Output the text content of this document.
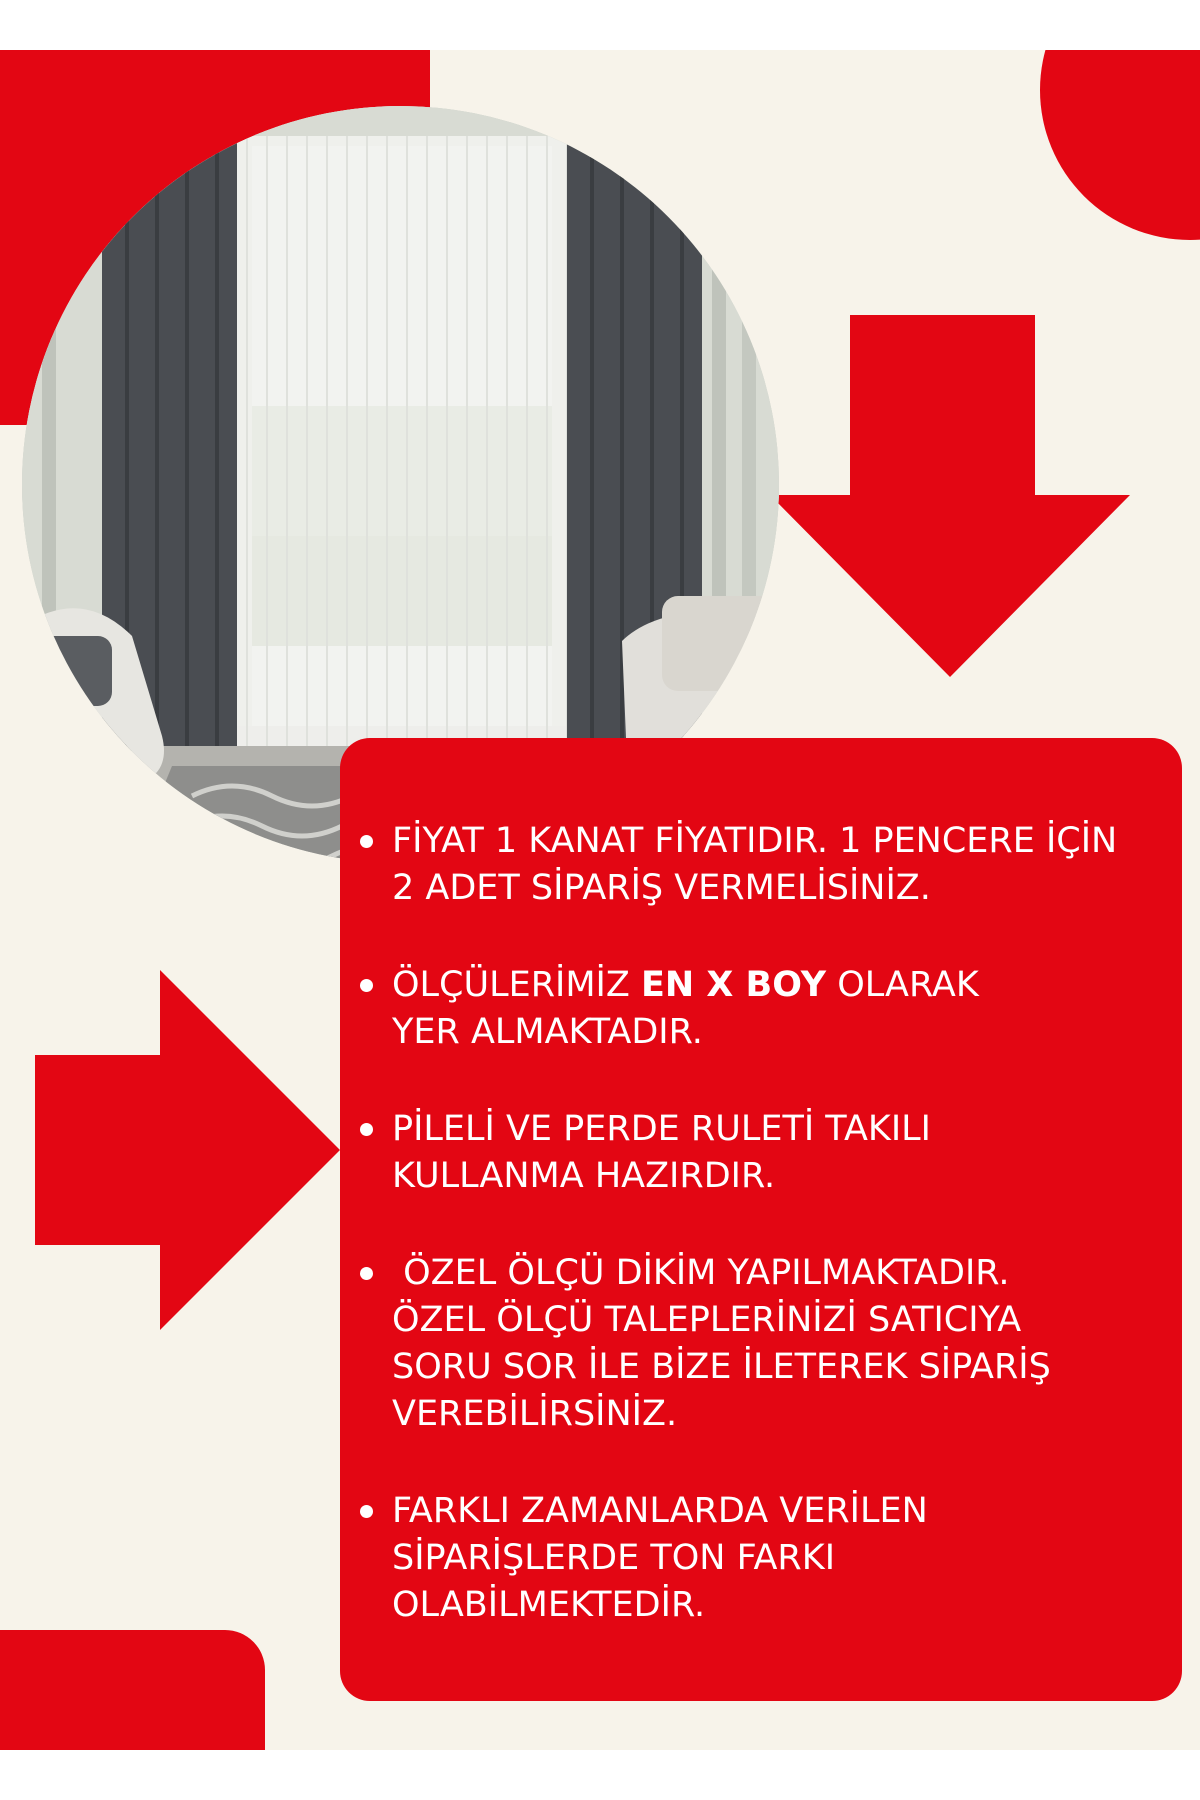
FİYAT 1 KANAT FİYATIDIR. 1 PENCERE İÇİN
2 ADET SİPARİŞ VERMELİSİNİZ.
ÖLÇÜLERİMİZ EN X BOY OLARAK
YER ALMAKTADIR.
PİLELİ VE PERDE RULETİ TAKILI
KULLANMA HAZIRDIR.
ÖZEL ÖLÇÜ DİKİM YAPILMAKTADIR.
ÖZEL ÖLÇÜ TALEPLERİNİZİ SATICIYA
SORU SOR İLE BİZE İLETEREK SİPARİŞ
VEREBİLİRSİNİZ.
FARKLI ZAMANLARDA VERİLEN
SİPARİŞLERDE TON FARKI
OLABİLMEKTEDİR.
